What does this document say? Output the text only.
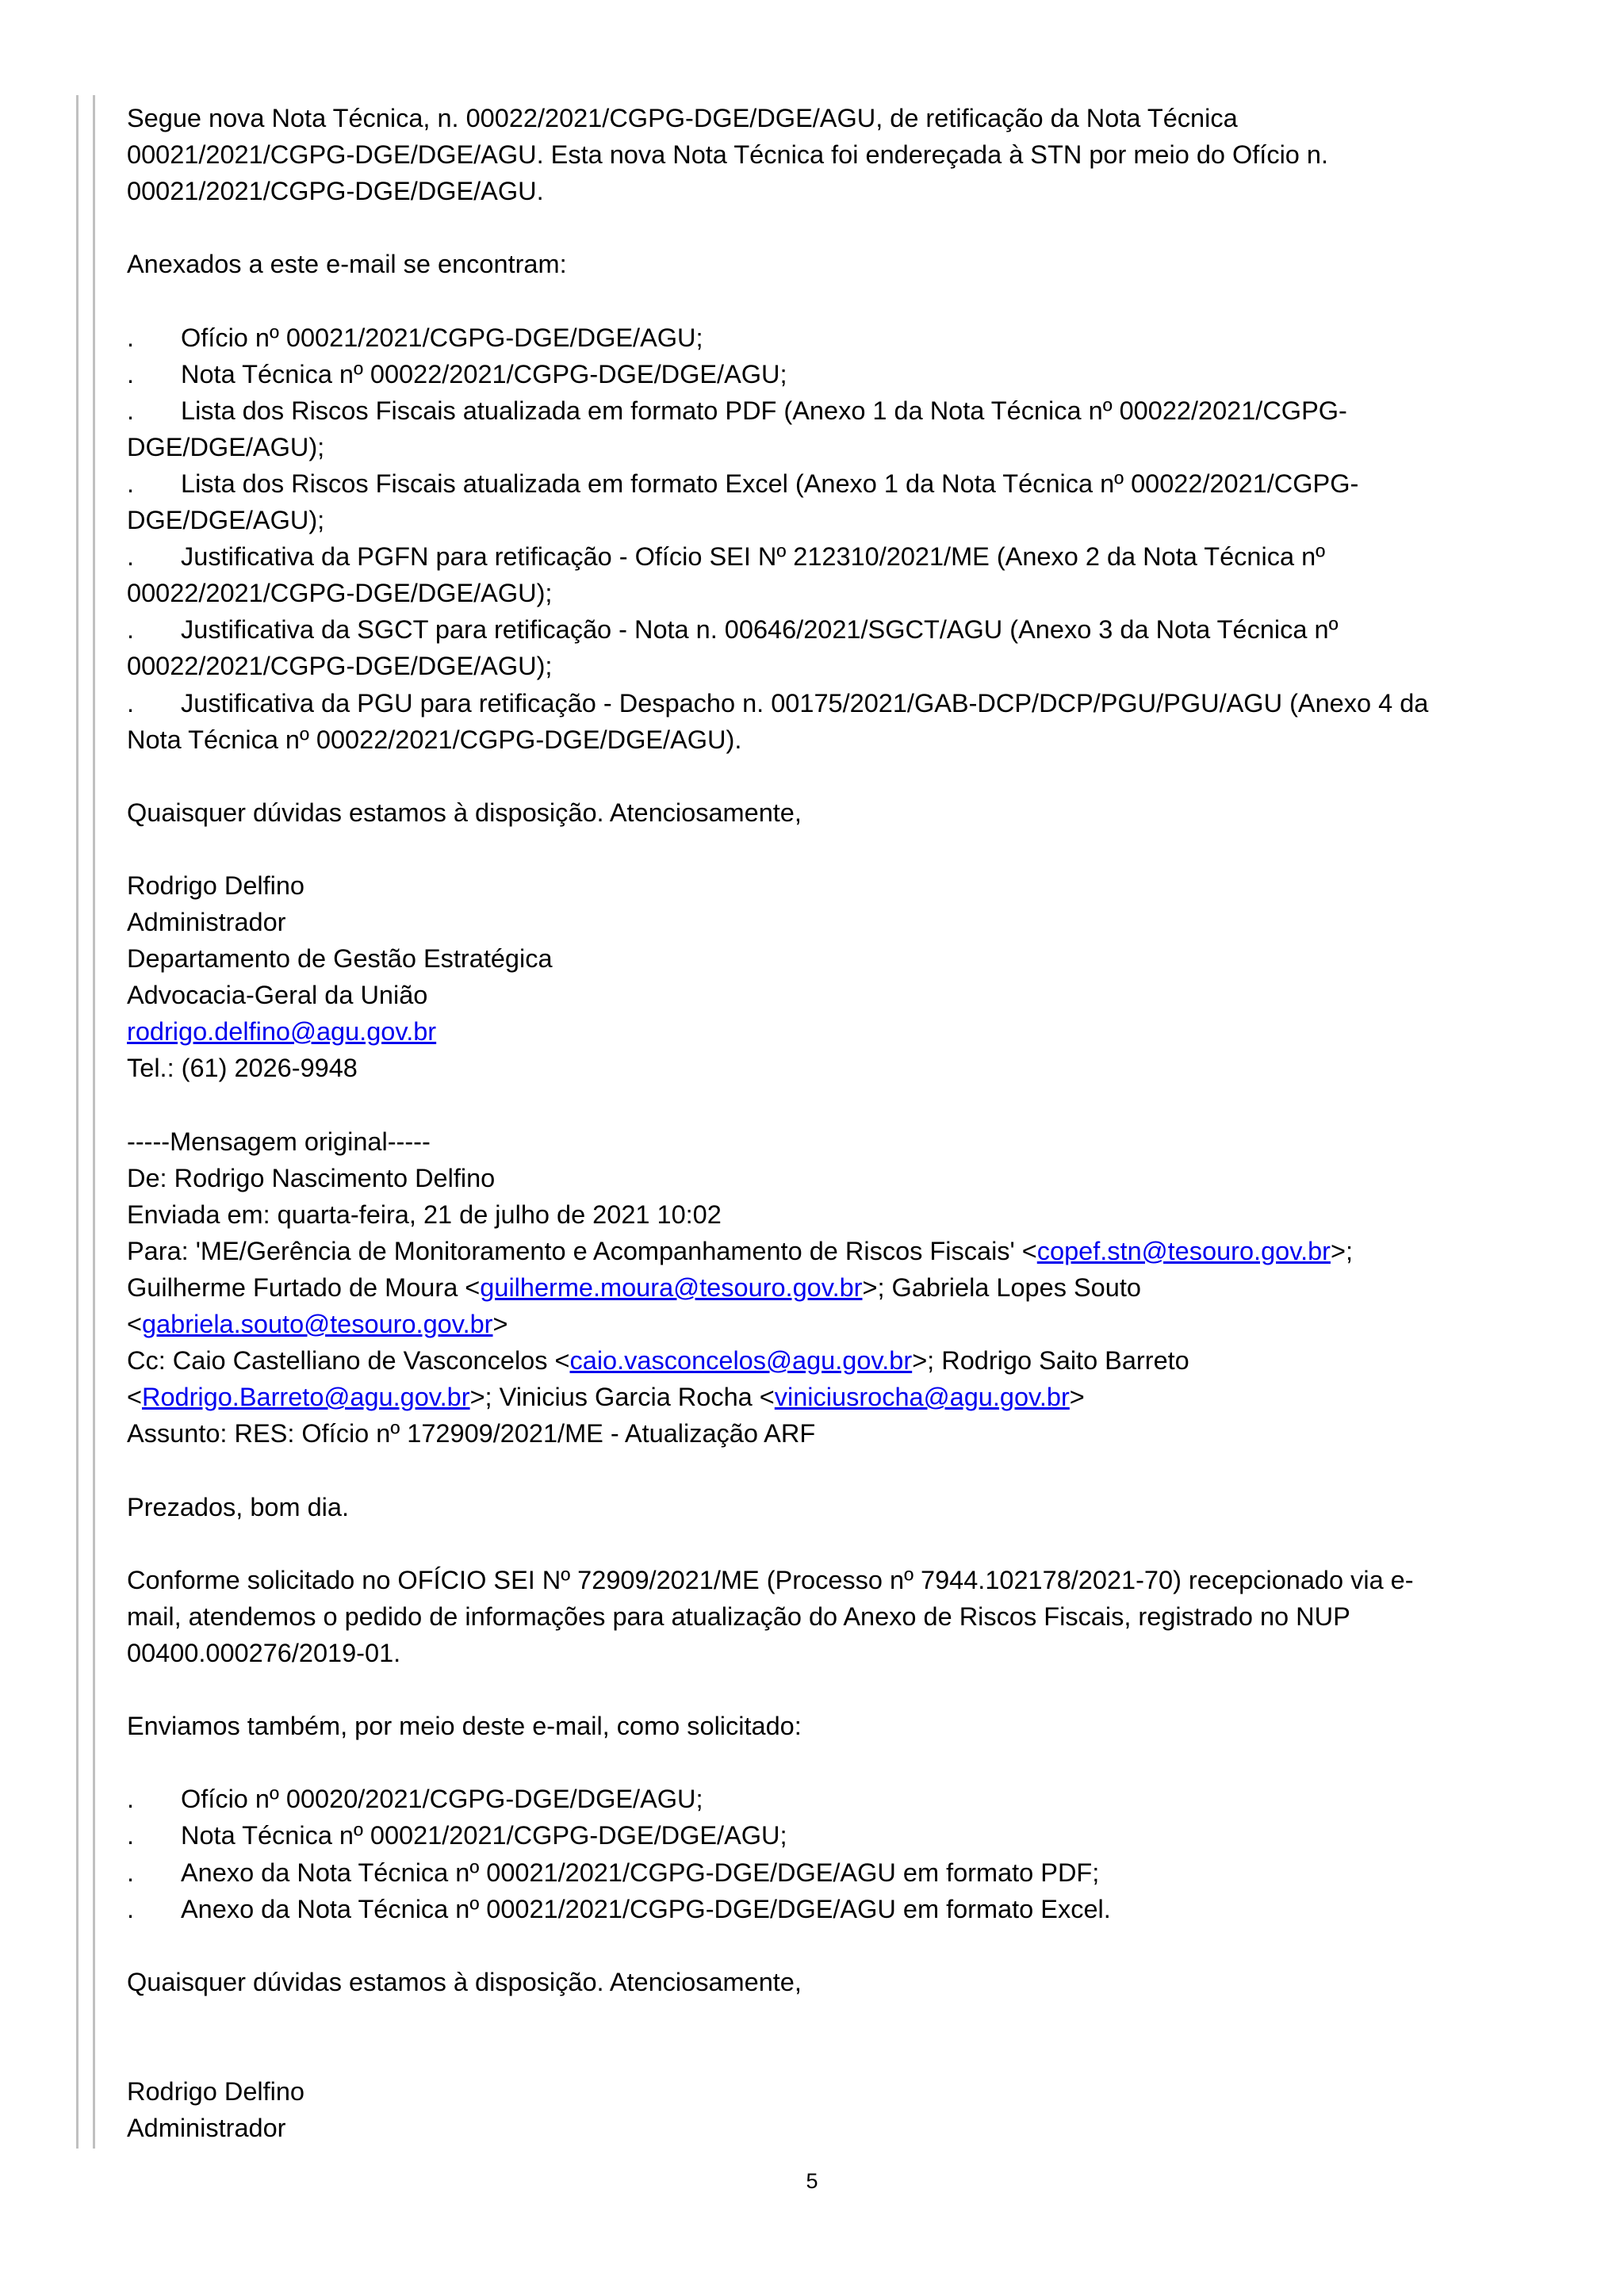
Segue nova Nota Técnica, n. 00022/2021/CGPG-DGE/DGE/AGU, de retificação da Nota Técnica
00021/2021/CGPG-DGE/DGE/AGU. Esta nova Nota Técnica foi endereçada à STN por meio do Ofício n.
00021/2021/CGPG-DGE/DGE/AGU.
Anexados a este e-mail se encontram:
. Ofício nº 00021/2021/CGPG-DGE/DGE/AGU;
. Nota Técnica nº 00022/2021/CGPG-DGE/DGE/AGU;
. Lista dos Riscos Fiscais atualizada em formato PDF (Anexo 1 da Nota Técnica nº 00022/2021/CGPG-
DGE/DGE/AGU);
. Lista dos Riscos Fiscais atualizada em formato Excel (Anexo 1 da Nota Técnica nº 00022/2021/CGPG-
DGE/DGE/AGU);
. Justificativa da PGFN para retificação - Ofício SEI Nº 212310/2021/ME (Anexo 2 da Nota Técnica nº
00022/2021/CGPG-DGE/DGE/AGU);
. Justificativa da SGCT para retificação - Nota n. 00646/2021/SGCT/AGU (Anexo 3 da Nota Técnica nº
00022/2021/CGPG-DGE/DGE/AGU);
. Justificativa da PGU para retificação - Despacho n. 00175/2021/GAB-DCP/DCP/PGU/PGU/AGU (Anexo 4 da
Nota Técnica nº 00022/2021/CGPG-DGE/DGE/AGU).
Quaisquer dúvidas estamos à disposição. Atenciosamente,
Rodrigo Delfino
Administrador
Departamento de Gestão Estratégica
Advocacia-Geral da União
rodrigo.delfino@agu.gov.br
Tel.: (61) 2026-9948
-----Mensagem original-----
De: Rodrigo Nascimento Delfino
Enviada em: quarta-feira, 21 de julho de 2021 10:02
Para: 'ME/Gerência de Monitoramento e Acompanhamento de Riscos Fiscais' <copef.stn@tesouro.gov.br>;
Guilherme Furtado de Moura <guilherme.moura@tesouro.gov.br>; Gabriela Lopes Souto
<gabriela.souto@tesouro.gov.br>
Cc: Caio Castelliano de Vasconcelos <caio.vasconcelos@agu.gov.br>; Rodrigo Saito Barreto
<Rodrigo.Barreto@agu.gov.br>; Vinicius Garcia Rocha <viniciusrocha@agu.gov.br>
Assunto: RES: Ofício nº 172909/2021/ME - Atualização ARF
Prezados, bom dia.
Conforme solicitado no OFÍCIO SEI Nº 72909/2021/ME (Processo nº 7944.102178/2021-70) recepcionado via e-
mail, atendemos o pedido de informações para atualização do Anexo de Riscos Fiscais, registrado no NUP
00400.000276/2019-01.
Enviamos também, por meio deste e-mail, como solicitado:
. Ofício nº 00020/2021/CGPG-DGE/DGE/AGU;
. Nota Técnica nº 00021/2021/CGPG-DGE/DGE/AGU;
. Anexo da Nota Técnica nº 00021/2021/CGPG-DGE/DGE/AGU em formato PDF;
. Anexo da Nota Técnica nº 00021/2021/CGPG-DGE/DGE/AGU em formato Excel.
Quaisquer dúvidas estamos à disposição. Atenciosamente,
Rodrigo Delfino
Administrador
5
